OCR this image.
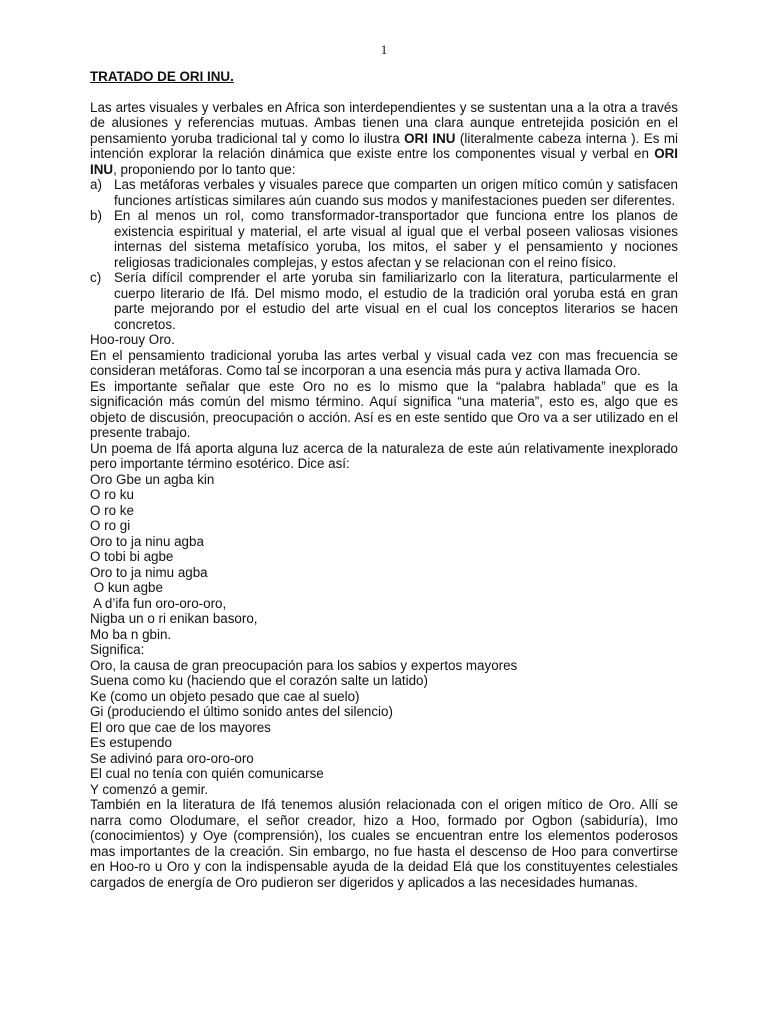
1
TRATADO DE ORI INU.

Las artes visuales y verbales en Africa son interdependientes y se sustentan una a la otra a través de alusiones y referencias mutuas. Ambas tienen una clara aunque entretejida posición en el pensamiento yoruba tradicional tal y como lo ilustra ORI INU (literalmente cabeza interna ). Es mi intención explorar la relación dinámica que existe entre los componentes visual y verbal en ORI INU, proponiendo por lo tanto que:

a) Las metáforas verbales y visuales parece que comparten un origen mítico común y satisfacen funciones artísticas similares aún cuando sus modos y manifestaciones pueden ser diferentes.
b) En al menos un rol, como transformador-transportador que funciona entre los planos de existencia espiritual y material, el arte visual al igual que el verbal poseen valiosas visiones internas del sistema metafísico yoruba, los mitos, el saber y el pensamiento y nociones religiosas tradicionales complejas, y estos afectan y se relacionan con el reino físico.
c) Sería difícil comprender el arte yoruba sin familiarizarlo con la literatura, particularmente el cuerpo literario de Ifá. Del mismo modo, el estudio de la tradición oral yoruba está en gran parte mejorando por el estudio del arte visual en el cual los conceptos literarios se hacen concretos.

Hoo-rouy Oro.

En el pensamiento tradicional yoruba las artes verbal y visual cada vez con mas frecuencia se consideran metáforas. Como tal se incorporan a una esencia más pura y activa llamada Oro.

Es importante señalar que este Oro no es lo mismo que la “palabra hablada” que es la significación más común del mismo término. Aquí significa “una materia”, esto es, algo que es objeto de discusión, preocupación o acción. Así es en este sentido que Oro va a ser utilizado en el presente trabajo.

Un poema de Ifá aporta alguna luz acerca de la naturaleza de este aún relativamente inexplorado pero importante término esotérico. Dice así:

Oro Gbe un agba kin

O ro ku

O ro ke

O ro gi

Oro to ja ninu agba

O tobi bi agbe

Oro to ja nimu agba

O kun agbe

A d’ifa fun oro-oro-oro,

Nigba un o ri enikan basoro,

Mo ba n gbin.

Significa:

Oro, la causa de gran preocupación para los sabios y expertos mayores

Suena como ku (haciendo que el corazón salte un latido)

Ke (como un objeto pesado que cae al suelo)

Gi (produciendo el último sonido antes del silencio)

El oro que cae de los mayores

Es estupendo

Se adivinó para oro-oro-oro

El cual no tenía con quién comunicarse

Y comenzó a gemir.

También en la literatura de Ifá tenemos alusión relacionada con el origen mítico de Oro. Allí se narra como Olodumare, el señor creador, hizo a Hoo, formado por Ogbon (sabiduría), Imo (conocimientos) y Oye (comprensión), los cuales se encuentran entre los elementos poderosos mas importantes de la creación. Sin embargo, no fue hasta el descenso de Hoo para convertirse en Hoo-ro u Oro y con la indispensable ayuda de la deidad Elá que los constituyentes celestiales cargados de energía de Oro pudieron ser digeridos y aplicados a las necesidades humanas.
